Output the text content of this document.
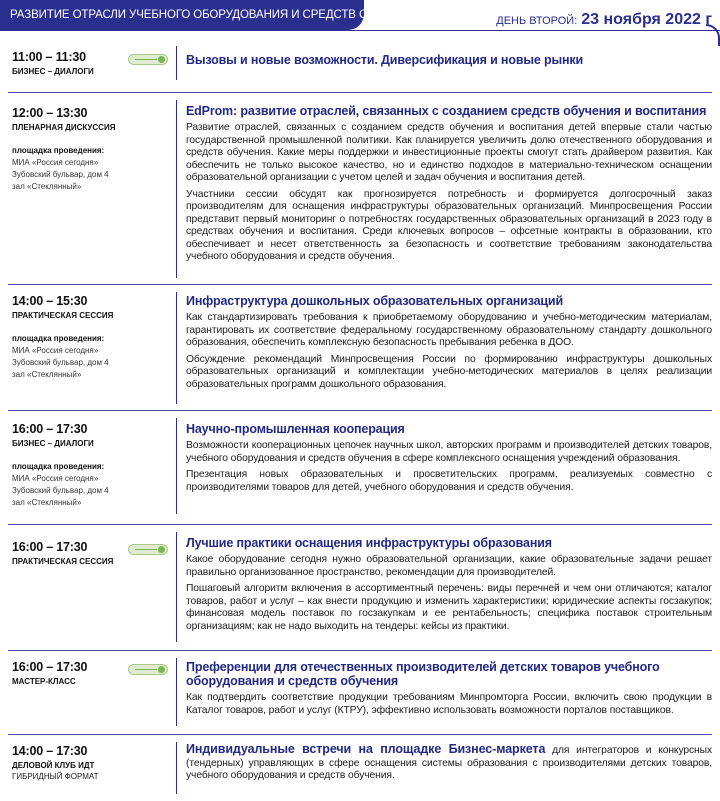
РАЗВИТИЕ ОТРАСЛИ УЧЕБНОГО ОБОРУДОВАНИЯ И СРЕДСТВ ОБУЧЕНИЯ	ДЕНЬ ВТОРОЙ: 23 ноября 2022 г
11:00 – 11:30
БИЗНЕС – ДИАЛОГИ
Вызовы и новые возможности. Диверсификация и новые рынки
12:00 – 13:30
ПЛЕНАРНАЯ ДИСКУССИЯ
площадка проведения:
МИА «Россия сегодня»
Зубовский бульвар, дом 4
зал «Стеклянный»
EdProm: развитие отраслей, связанных с созданием средств обучения и воспитания
Развитие отраслей, связанных с созданием средств обучения и воспитания детей впервые стали частью государственной промышленной политики. Как планируется увеличить долю отечественного оборудования и средств обучения. Какие меры поддержки и инвестиционные проекты смогут стать драйвером развития. Как обеспечить не только высокое качество, но и единство подходов в материально-техническом оснащении образовательной организации с учетом целей и задач обучения и воспитания детей.
Участники сессии обсудят как прогнозируется потребность и формируется долгосрочный заказ производителям для оснащения инфраструктуры образовательных организаций. Минпросвещения России представит первый мониторинг о потребностях государственных образовательных организаций в 2023 году в средствах обучения и воспитания. Среди ключевых вопросов – офсетные контракты в образовании, кто обеспечивает и несет ответственность за безопасность и соответствие требованиям законодательства учебного оборудования и средств обучения.
14:00 – 15:30
ПРАКТИЧЕСКАЯ СЕССИЯ
площадка проведения:
МИА «Россия сегодня»
Зубовский бульвар, дом 4
зал «Стеклянный»
Инфраструктура дошкольных образовательных организаций
Как стандартизировать требования к приобретаемому оборудованию и учебно-методическим материалам, гарантировать их соответствие федеральному государственному образовательному стандарту дошкольного образования, обеспечить комплексную безопасность пребывания ребенка в ДОО.
Обсуждение рекомендаций Минпросвещения России по формированию инфраструктуры дошкольных образовательных организаций и комплектации учебно-методических материалов в целях реализации образовательных программ дошкольного образования.
16:00 – 17:30
БИЗНЕС – ДИАЛОГИ
площадка проведения:
МИА «Россия сегодня»
Зубовский бульвар, дом 4
зал «Стеклянный»
Научно-промышленная кооперация
Возможности кооперационных цепочек научных школ, авторских программ и производителей детских товаров, учебного оборудования и средств обучения в сфере комплексного оснащения учреждений образования.
Презентация новых образовательных и просветительских программ, реализуемых совместно с производителями товаров для детей, учебного оборудования и средств обучения.
16:00 – 17:30
ПРАКТИЧЕСКАЯ СЕССИЯ
Лучшие практики оснащения инфраструктуры образования
Какое оборудование сегодня нужно образовательной организации, какие образовательные задачи решает правильно организованное пространство, рекомендации для производителей.
Пошаговый алгоритм включения в ассортиментный перечень: виды перечней и чем они отличаются; каталог товаров, работ и услуг – как внести продукцию и изменить характеристики; юридические аспекты госзакупок; финансовая модель поставок по госзакупкам и ее рентабельность; специфика поставок строительным организациям; как не надо выходить на тендеры: кейсы из практики.
16:00 – 17:30
МАСТЕР-КЛАСС
Преференции для отечественных производителей детских товаров учебного оборудования и средств обучения
Как подтвердить соответствие продукции требованиям Минпромторга России, включить свою продукции в Каталог товаров, работ и услуг (КТРУ), эффективно использовать возможности порталов поставщиков.
14:00 – 17:30
ДЕЛОВОЙ КЛУБ ИДТ
ГИБРИДНЫЙ ФОРМАТ
Индивидуальные встречи на площадке Бизнес-маркета для интеграторов и конкурсных (тендерных) управляющих в сфере оснащения системы образования с производителями детских товаров, учебного оборудования и средств обучения.
